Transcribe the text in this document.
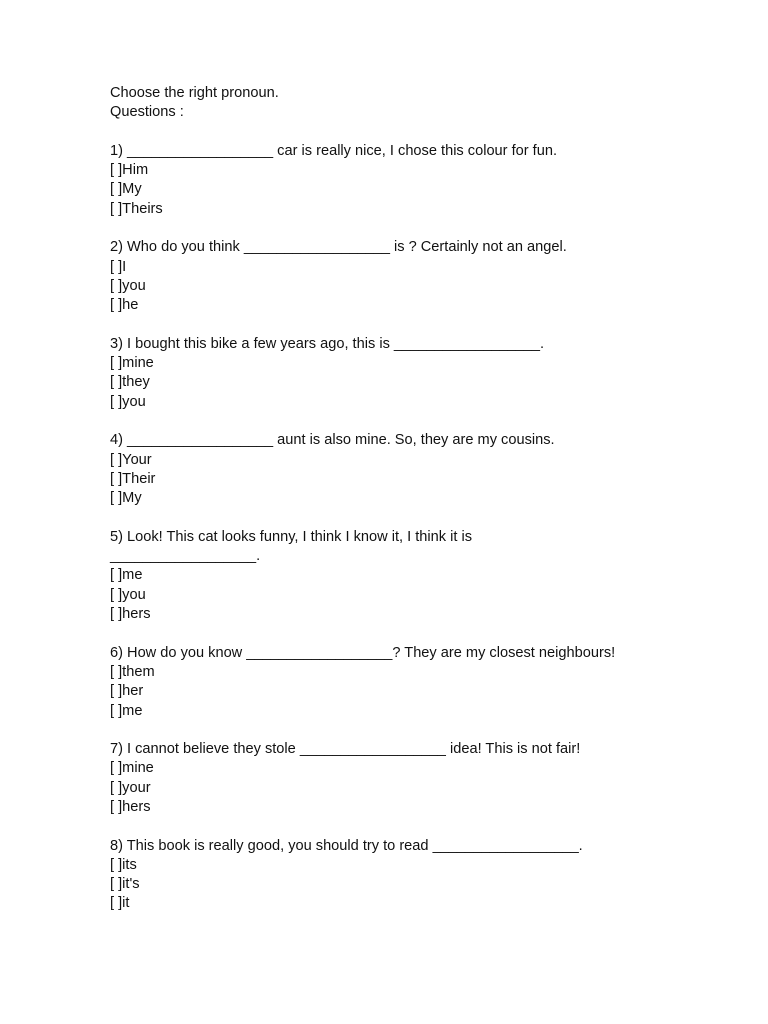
Choose the right pronoun.
Questions :
1) __________________ car is really nice, I chose this colour for fun.
[ ]Him
[ ]My
[ ]Theirs
2) Who do you think __________________ is ? Certainly not an angel.
[ ]I
[ ]you
[ ]he
3) I bought this bike a few years ago, this is __________________.
[ ]mine
[ ]they
[ ]you
4) __________________ aunt is also mine. So, they are my cousins.
[ ]Your
[ ]Their
[ ]My
5) Look! This cat looks funny, I think I know it, I think it is
__________________.
[ ]me
[ ]you
[ ]hers
6) How do you know __________________? They are my closest neighbours!
[ ]them
[ ]her
[ ]me
7) I cannot believe they stole __________________ idea! This is not fair!
[ ]mine
[ ]your
[ ]hers
8) This book is really good, you should try to read __________________.
[ ]its
[ ]it's
[ ]it
